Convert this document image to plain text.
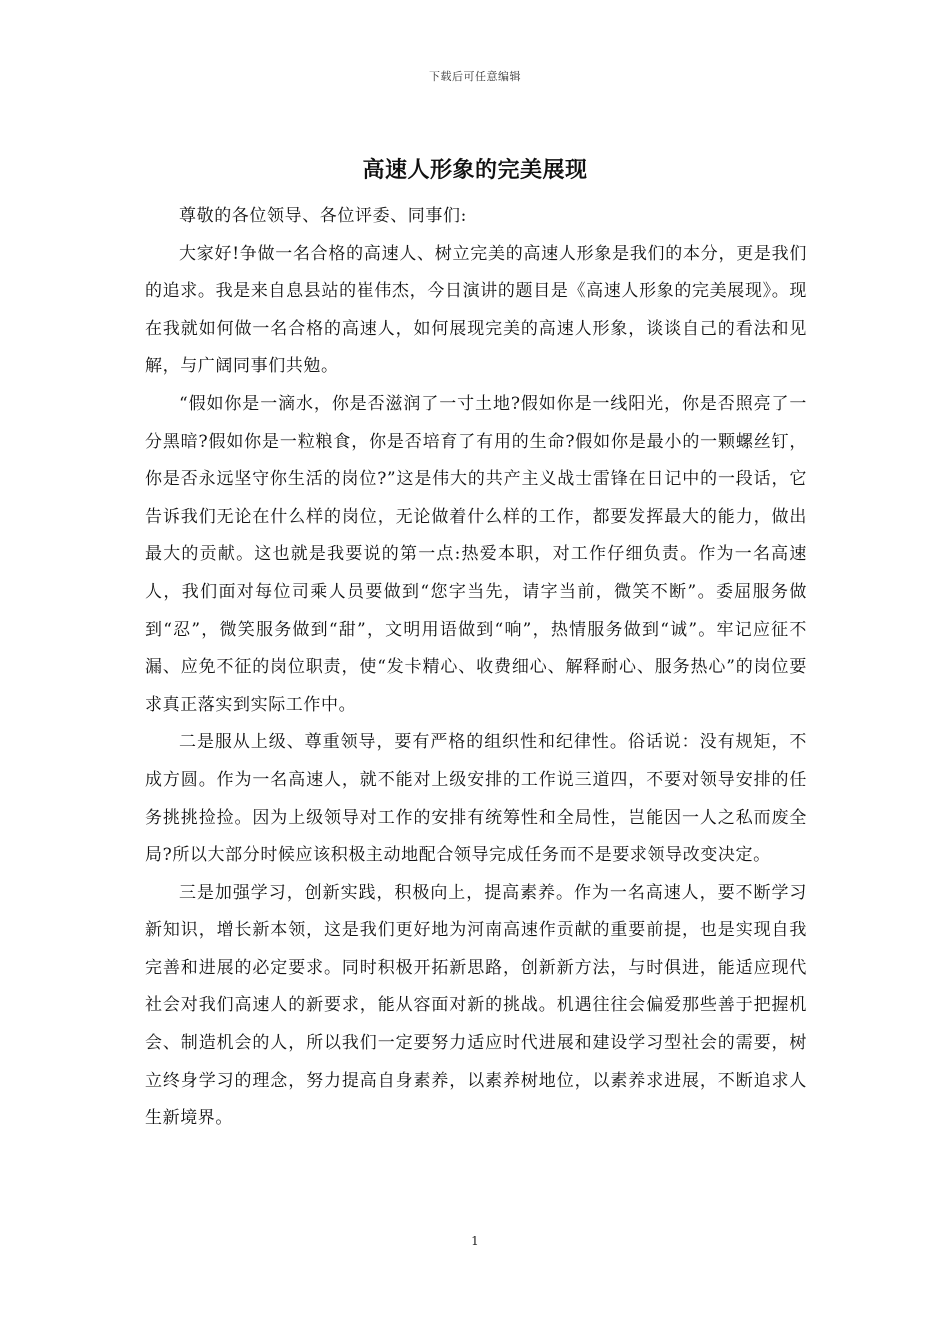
下载后可任意编辑
高速人形象的完美展现

尊敬的各位领导、各位评委、同事们:

大家好!争做一名合格的高速人、树立完美的高速人形象是我们的本分，更是我们的追求。我是来自息县站的崔伟杰，今日演讲的题目是《高速人形象的完美展现》。现在我就如何做一名合格的高速人，如何展现完美的高速人形象，谈谈自己的看法和见解，与广阔同事们共勉。

“假如你是一滴水，你是否滋润了一寸土地?假如你是一线阳光，你是否照亮了一分黑暗?假如你是一粒粮食，你是否培育了有用的生命?假如你是最小的一颗螺丝钉，你是否永远坚守你生活的岗位?”这是伟大的共产主义战士雷锋在日记中的一段话，它告诉我们无论在什么样的岗位，无论做着什么样的工作，都要发挥最大的能力，做出最大的贡献。这也就是我要说的第一点:热爱本职，对工作仔细负责。作为一名高速人，我们面对每位司乘人员要做到“您字当先，请字当前，微笑不断”。委屈服务做到“忍”，微笑服务做到“甜”，文明用语做到“响”，热情服务做到“诚”。牢记应征不漏、应免不征的岗位职责，使“发卡精心、收费细心、解释耐心、服务热心”的岗位要求真正落实到实际工作中。

二是服从上级、尊重领导，要有严格的组织性和纪律性。俗话说：没有规矩，不成方圆。作为一名高速人，就不能对上级安排的工作说三道四，不要对领导安排的任务挑挑捡捡。因为上级领导对工作的安排有统筹性和全局性，岂能因一人之私而废全局?所以大部分时候应该积极主动地配合领导完成任务而不是要求领导改变决定。

三是加强学习，创新实践，积极向上，提高素养。作为一名高速人，要不断学习新知识，增长新本领，这是我们更好地为河南高速作贡献的重要前提，也是实现自我完善和进展的必定要求。同时积极开拓新思路，创新新方法，与时俱进，能适应现代社会对我们高速人的新要求，能从容面对新的挑战。机遇往往会偏爱那些善于把握机会、制造机会的人，所以我们一定要努力适应时代进展和建设学习型社会的需要，树立终身学习的理念，努力提高自身素养，以素养树地位，以素养求进展，不断追求人生新境界。

1
